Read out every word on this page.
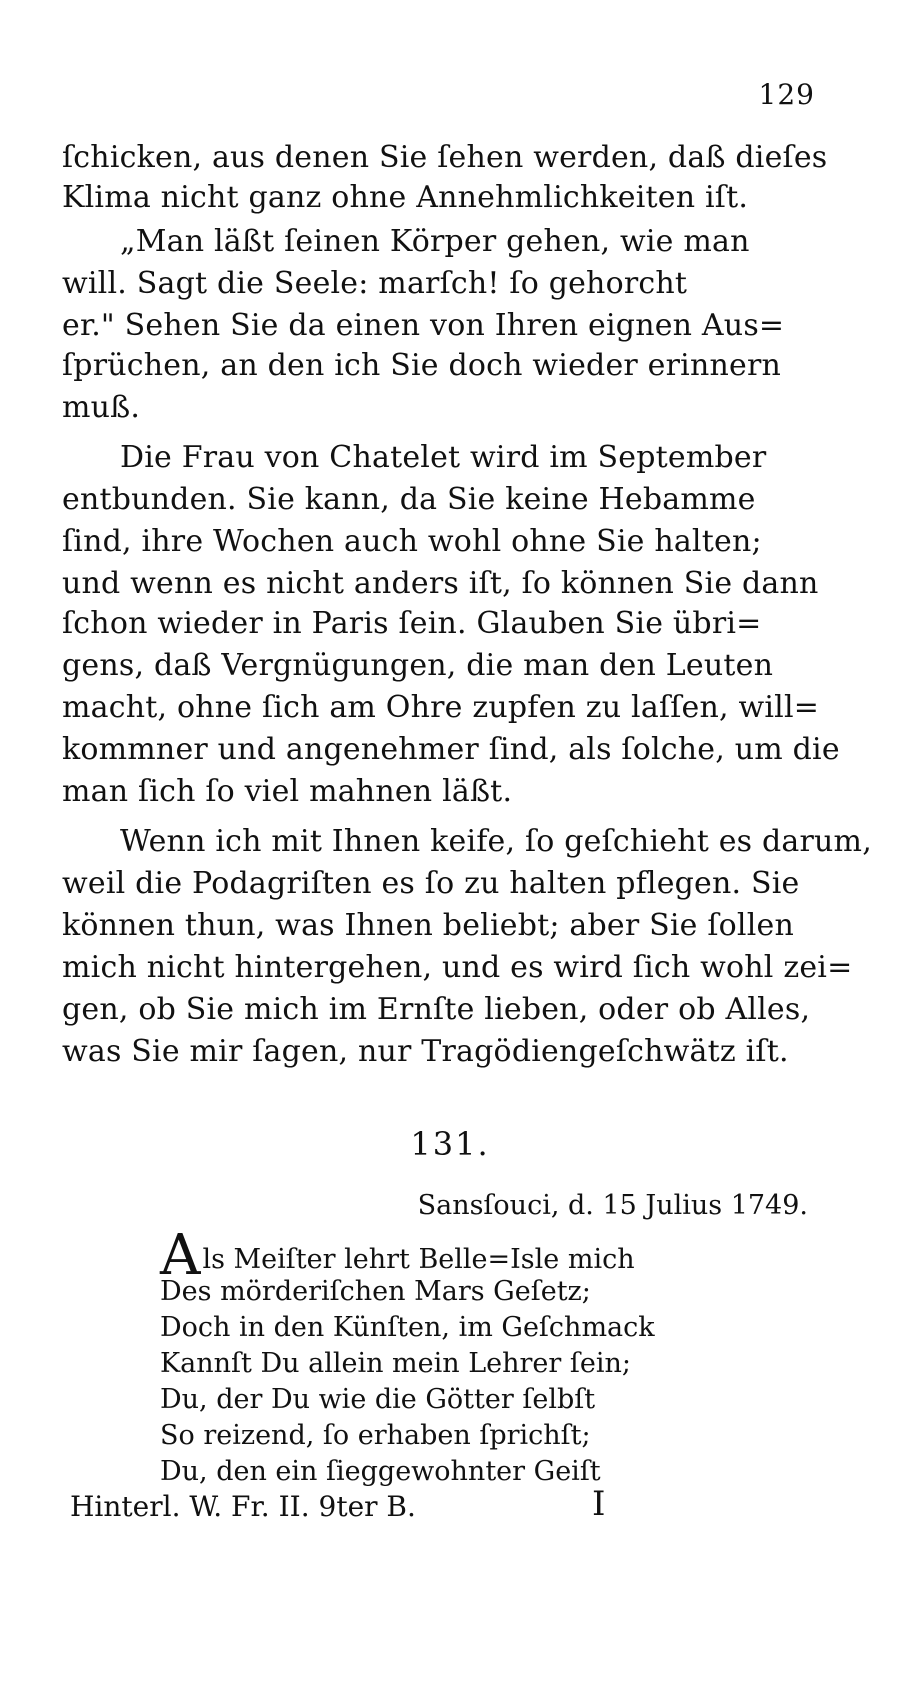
129
ſchicken, aus denen Sie ſehen werden, daß dieſes
Klima nicht ganz ohne Annehmlichkeiten iſt.
„Man läßt ſeinen Körper gehen, wie man
will. Sagt die Seele: marſch! ſo gehorcht
er." Sehen Sie da einen von Ihren eignen Aus=
ſprüchen, an den ich Sie doch wieder erinnern
muß.
Die Frau von Chatelet wird im September
entbunden. Sie kann, da Sie keine Hebamme
ſind, ihre Wochen auch wohl ohne Sie halten;
und wenn es nicht anders iſt, ſo können Sie dann
ſchon wieder in Paris ſein. Glauben Sie übri=
gens, daß Vergnügungen, die man den Leuten
macht, ohne ſich am Ohre zupfen zu laſſen, will=
kommner und angenehmer ſind, als ſolche, um die
man ſich ſo viel mahnen läßt.
Wenn ich mit Ihnen keife, ſo geſchieht es darum,
weil die Podagriſten es ſo zu halten pflegen. Sie
können thun, was Ihnen beliebt; aber Sie ſollen
mich nicht hintergehen, und es wird ſich wohl zei=
gen, ob Sie mich im Ernſte lieben, oder ob Alles,
was Sie mir ſagen, nur Tragödiengeſchwätz iſt.
131.
Sansſouci, d. 15 Julius 1749.
Als Meiſter lehrt Belle=Isle mich
Des mörderiſchen Mars Geſetz;
Doch in den Künſten, im Geſchmack
Kannſt Du allein mein Lehrer ſein;
Du, der Du wie die Götter ſelbſt
So reizend, ſo erhaben ſprichſt;
Du, den ein ſieggewohnter Geiſt
Hinterl. W. Fr. II. 9ter B.	I
